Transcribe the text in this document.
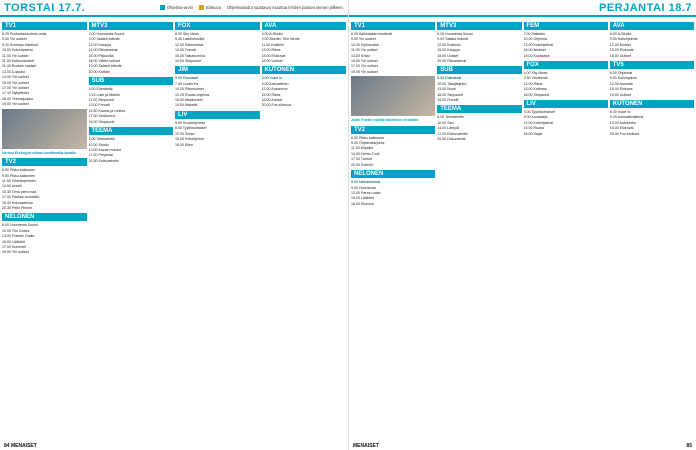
TORSTAI 17.7.	Ohjelma-arvio	Elokuva Ohjelmatiedot saattavat muuttua lehden painovummen jälkeen.
TV1

6.25 Puoluetaiuhoimtu uutis

9.00 Yle uutiset

9.10 Kummpu Aleehuil.

10.00 Kotoravaarat.

11.00 Yle uutiset

11.30 Kotimuistoleet

11.45 Ruotsin saaiset

13.00 A-studio

14.00 Yle uutiset

15.00 Yle uutiset

17.00 Yle uutiset

17.10 Nykytiedot

18.00 Teemajoukko

19.00 Yle uutiset

Vertosi Erkkojyrä mikaa huvittavalla tavalla.
TV2

6.50 Pikku kakkonen

9.50 Pikku kakkonen

11.50 Vihreänperinen

14.00 Avadil

15.30 Oma pieni maa

17.00 Pasilan arvostelu

18.00 Kotosaarissa

20.30 Pelle Pirinen

NELONEN

6.00 Huomenta Suomi

10.00 The Doctor

13.00 Frankie Drake

15.00 Lääkärit

17.00 Kummeli

19.00 Yle uutiset

MTV3

6.00 Huomenta Suomi

9.00 Salatut elämät

12.00 Kauppa

14.00 Rikostarinat

16.00 Pikkuvilla

18.00 Viiden uutiset

19.00 Salatut elämät

20.00 Kotihiiri

SUB

6.00 Elämäntäi

9.15 Luke ja Mahtin

11.00 Simpsonit

13.00 Frendit

15.50 Kaunis ja rohkea

17.00 Sinkkueroi

19.00 Simpsonit

TEEMA

6.00 Teemahetki

10.00 Studio

13.00 Ihanat muistot

17.00 Perjantai

20.30 Elokuvahetki

FOX

6.00 Sky News

9.45 Laadinhuollot

12.00 Rikosetsiva

14.00 Frendit

16.00 Taikahurinka

19.00 Simpsonit

JIM

5.00 Rauhaset

7.45 Uudet Ka

10.25 Rikostoimet

13.25 Ruoka-ohjelma

16.00 Aikakoneet

19.00 Iltahetki

LIV

5.00 Kuvaohjelmat

8.00 Tyylinkohtaiset

12.00 Sorsa

15.00 Kotiohjelma

18.00 Ellen

AVA

6.00 A-Studio

9.00 Murder, She Wrote

11.00 Kotiliesi

13.00 Rikos

15.00 Elokuvat

18.00 Uutiset

KUTONEN

6.00 Voice to

8.00 Ammattinen

12.00 Autokerho

15.00 Rikos

18.00 Arkiset

20.00 Fox-elokuva

84
MENAISET
PERJANTAI 18.7
TV1

6.25 Kaikkialaan kestävät

9.00 Yle uutiset

10.00 Kylkuentaa

11.00 Yle uutiset

13.00 Kristo

15.00 Yle uutiset

17.00 Yle uutiset

19.00 Yle uutiset

Jodie Foster esittää todellisen henkilön.
TV2

6.50 Pikku kakkonen

9.00 Ohjelmatarjonta

11.00 Kilpailut

14.00 Hehto-Tuoli

17.00 Tunturi

20.00 Kotihiiri

NELONEN

5.00 Nelosseriesä

9.00 Huomenta

12.00 Paras ruoka

15.00 Lääkärit

18.00 Elokuva

MTV3

6.00 Huomenta Suomi

9.00 Salatut elämät

12.00 Kotivisio

15.00 Kauppa

18.00 Uutiset

20.00 Rikostarinat

SUB

6.00 Elämäntäi

10.00 Tasojärjestö

13.00 Nuori

16.00 Simpsonit

19.00 Frendit

TEEMA

6.00 Teemahetki

10.00 Sari

14.00 Lämpiä

17.00 Elokuvahetki

20.00 Dokumentti

FEM

7.00 Matkailu

10.00 Ohjelma

13.00 Kotiohjelmat

16.00 Ilmaiset

19.00 Kuvasarja

FOX

6.00 Sky News

9.30 Virutelmat

12.00 Rikos

15.00 Kotimaa

18.00 Simpsonit

LIV

5.00 Tyylinkohtaiset

9.00 Kuvasarja

12.00 Kotiohjelmat

15.00 Ruoka

18.00 Sarja

AVA

6.00 A-Studio

9.00 Kotiohjelmat

12.00 Murder

15.00 Elokuvat

18.00 Uutiset

TV5

6.00 Ohjelmat

9.00 Kotiohjelma

12.00 Ammatti

15.00 Elokuva

19.00 Uutiset

KUTONEN

6.00 Voice to

9.00 Ammattiohjelma

13.00 Autokerho

16.00 Elokuvat

20.00 Fox-elokuva

MENAISET	85
